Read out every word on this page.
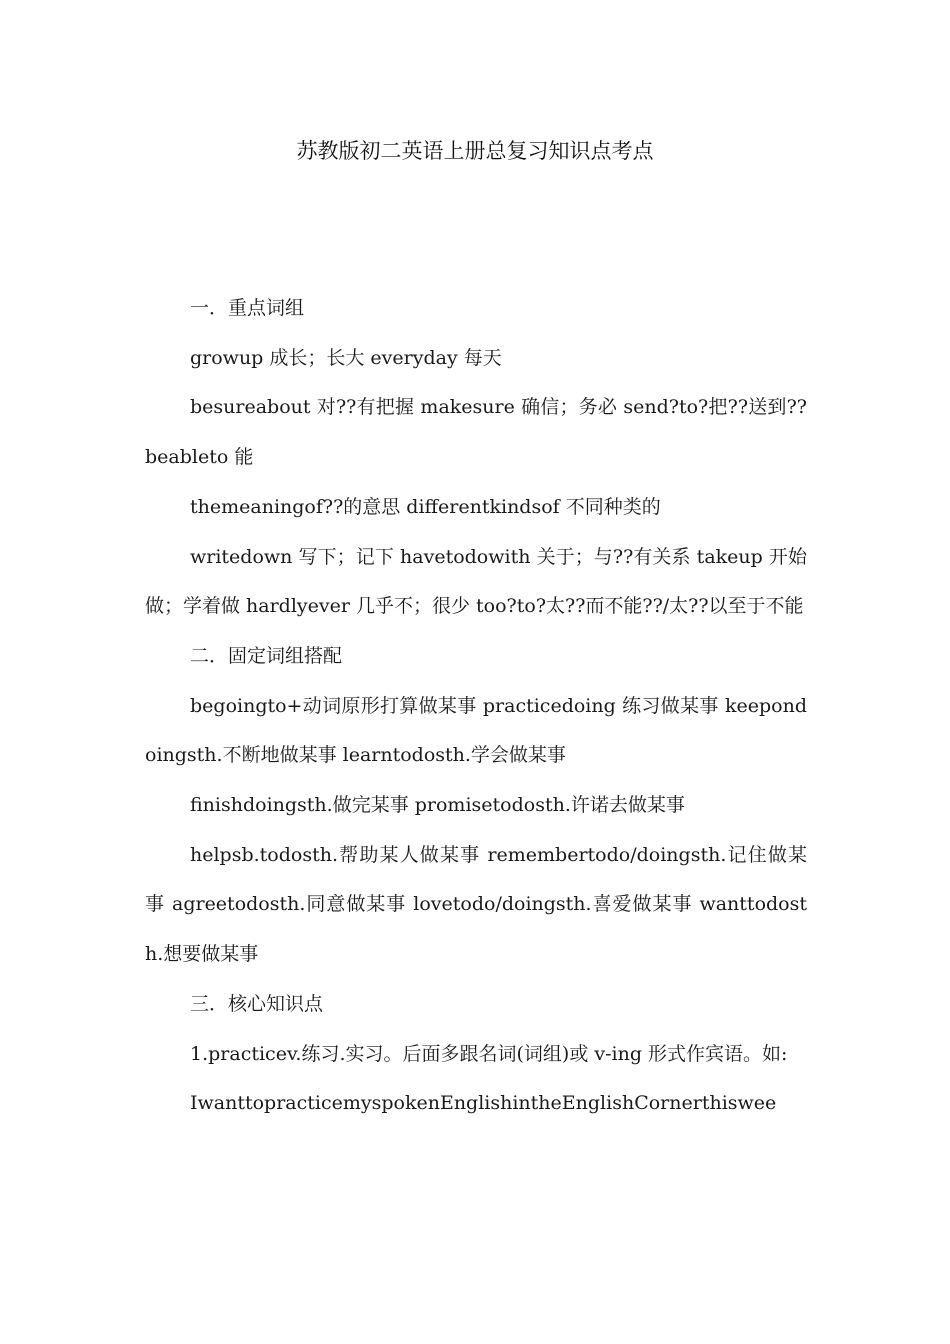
苏教版初二英语上册总复习知识点考点

一．重点词组

growup 成长；长大 everyday 每天

besureabout 对??有把握 makesure 确信；务必 send?to?把??送到??beableto 能

themeaningof??的意思 differentkindsof 不同种类的

writedown 写下；记下 havetodowith 关于；与??有关系 takeup 开始做；学着做 hardlyever 几乎不；很少 too?to?太??而不能??/太??以至于不能

二．固定词组搭配

begoingto+动词原形打算做某事 practicedoing 练习做某事 keepondoingsth.不断地做某事 learntodosth.学会做某事

finishdoingsth.做完某事 promisetodosth.许诺去做某事

helpsb.todosth.帮助某人做某事 remembertodo/doingsth.记住做某事 agreetodosth.同意做某事 lovetodo/doingsth.喜爱做某事 wanttodosth.想要做某事

三．核心知识点

1.practicev.练习.实习。后面多跟名词(词组)或 v-ing 形式作宾语。如:

IwanttopracticemyspokenEnglishintheEnglishCornerthiswee
